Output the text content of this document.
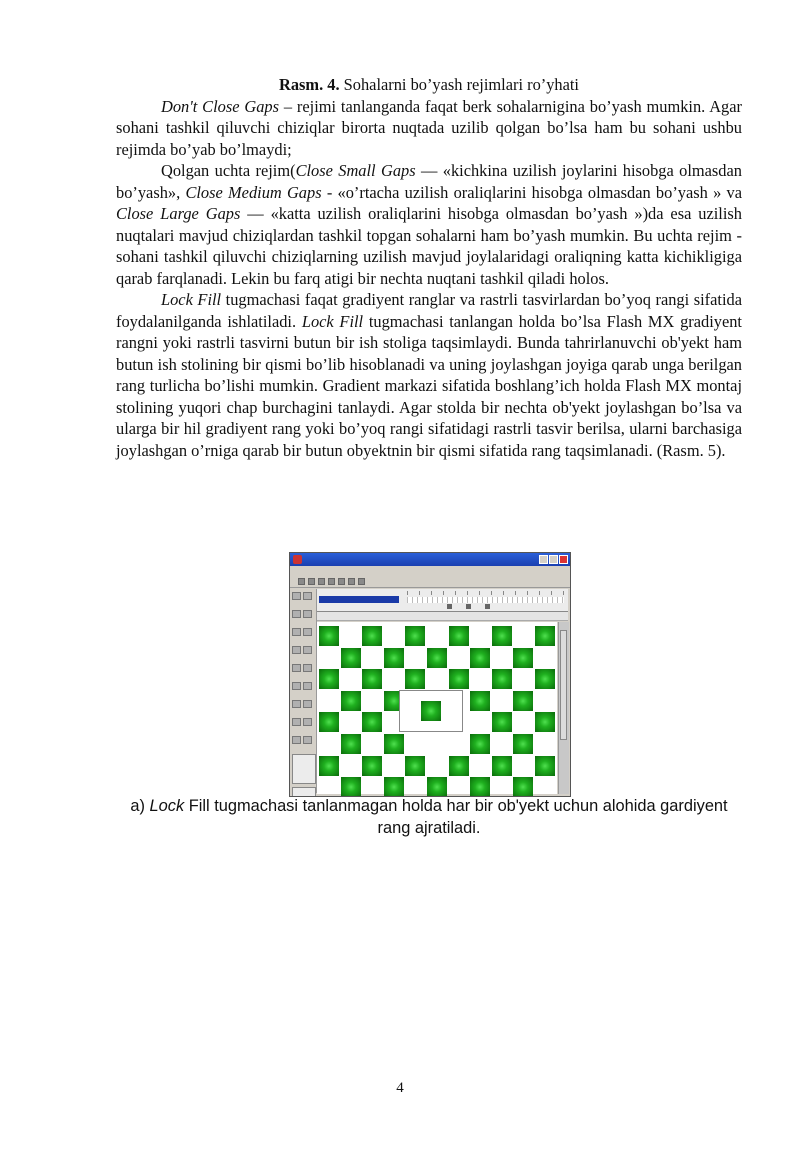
Rasm. 4. Sohalarni bo’yash rejimlari ro’yhati

Don't Close Gaps – rejimi tanlanganda faqat berk sohalarnigina bo’yash mumkin. Agar sohani tashkil qiluvchi chiziqlar birorta nuqtada uzilib qolgan bo’lsa ham bu sohani ushbu rejimda bo’yab bo’lmaydi;

Qolgan uchta rejim(Close Small Gaps — «kichkina uzilish joylarini hisobga olmasdan bo’yash», Close Medium Gaps - «o’rtacha uzilish oraliqlarini hisobga olmasdan bo’yash » va Close Large Gaps — «katta uzilish oraliqlarini hisobga olmasdan bo’yash »)da esa uzilish nuqtalari mavjud chiziqlardan tashkil topgan sohalarni ham bo’yash mumkin. Bu uchta rejim - sohani tashkil qiluvchi chiziqlarning uzilish mavjud joylalaridagi oraliqning katta kichikligiga qarab farqlanadi. Lekin bu farq atigi bir nechta nuqtani tashkil qiladi holos.

Lock Fill tugmachasi faqat gradiyent ranglar va rastrli tasvirlardan bo’yoq rangi sifatida foydalanilganda ishlatiladi. Lock Fill tugmachasi tanlangan holda bo’lsa Flash MX gradiyent rangni yoki rastrli tasvirni butun bir ish stoliga taqsimlaydi. Bunda tahrirlanuvchi ob'yekt ham butun ish stolining bir qismi bo’lib hisoblanadi va uning joylashgan joyiga qarab unga berilgan rang turlicha bo’lishi mumkin. Gradient markazi sifatida boshlang’ich holda Flash MX montaj stolining yuqori chap burchagini tanlaydi. Agar stolda bir nechta ob'yekt joylashgan bo’lsa va ularga bir hil gradiyent rang yoki bo’yoq rangi sifatidagi rastrli tasvir berilsa, ularni barchasiga joylashgan o’rniga qarab bir butun obyektnin bir qismi sifatida rang taqsimlanadi. (Rasm. 5).

a) Lock Fill tugmachasi tanlanmagan holda har bir ob'yekt uchun alohida gardiyent rang ajratiladi.
4
